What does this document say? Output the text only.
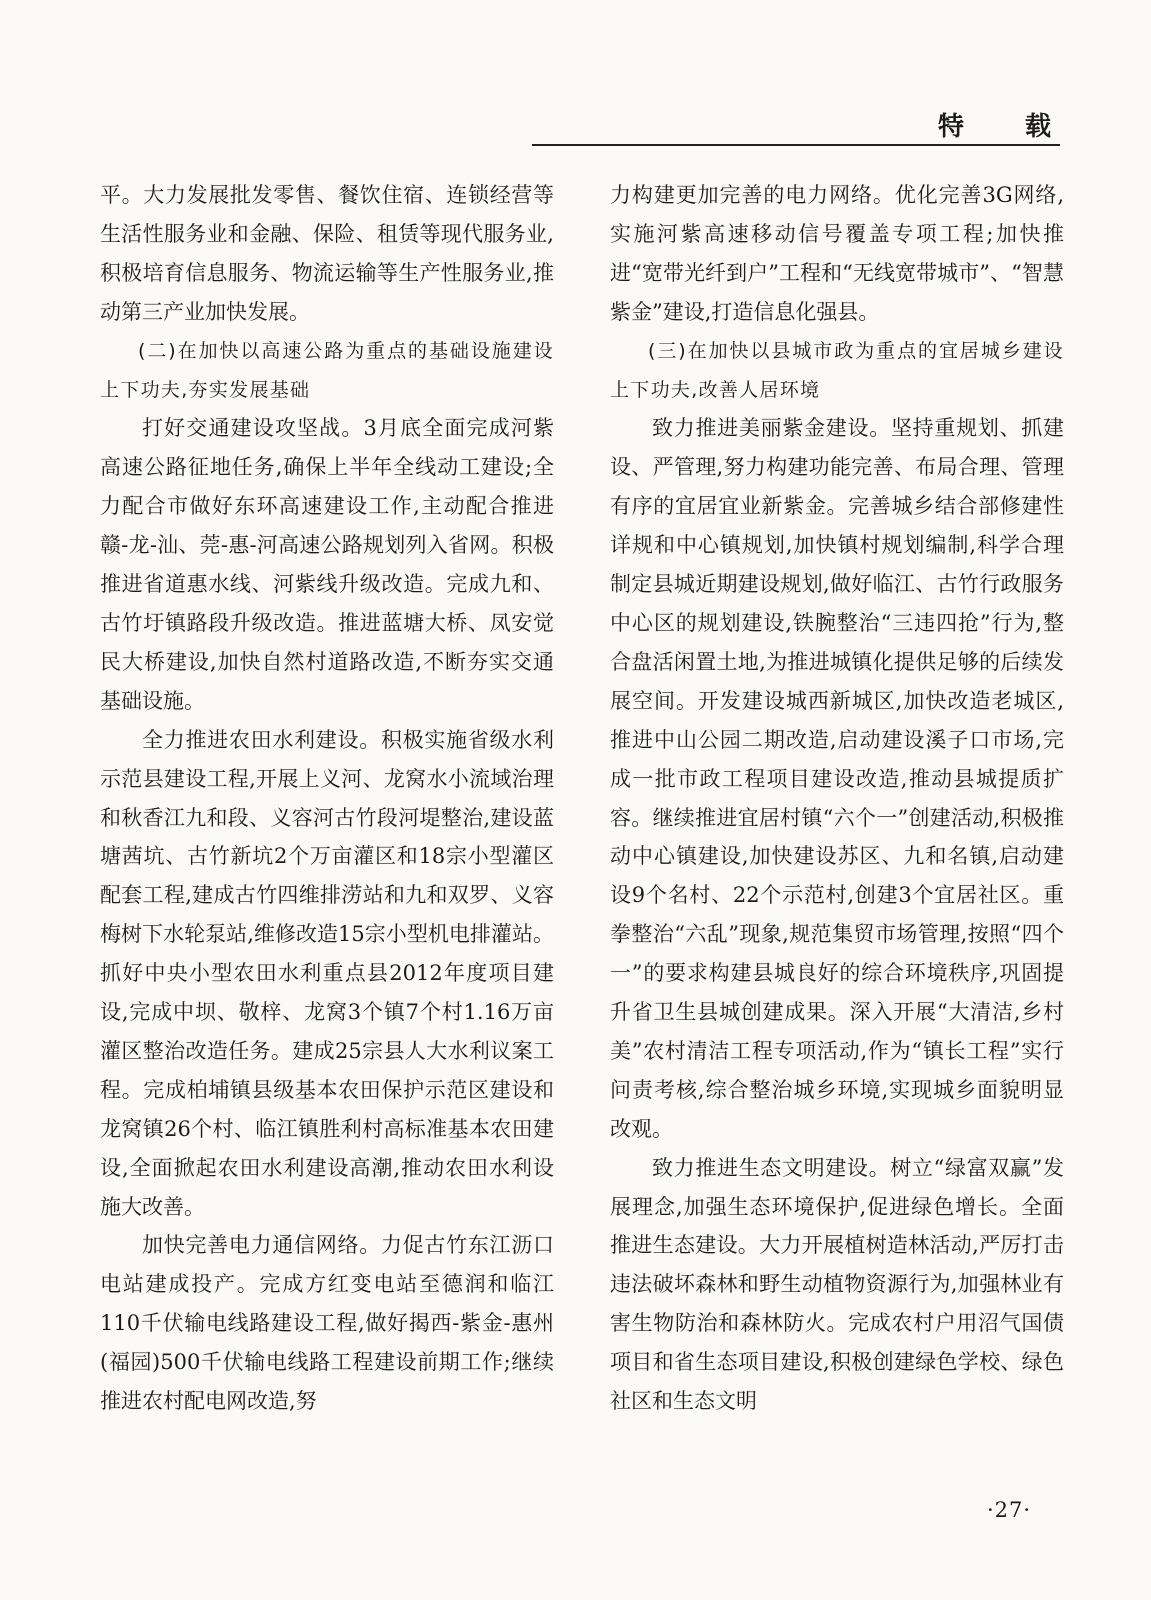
特 载

平。大力发展批发零售、餐饮住宿、连锁经营等生活性服务业和金融、保险、租赁等现代服务业,积极培育信息服务、物流运输等生产性服务业,推动第三产业加快发展。

(二)在加快以高速公路为重点的基础设施建设上下功夫,夯实发展基础

打好交通建设攻坚战。3月底全面完成河紫高速公路征地任务,确保上半年全线动工建设;全力配合市做好东环高速建设工作,主动配合推进赣-龙-汕、莞-惠-河高速公路规划列入省网。积极推进省道惠水线、河紫线升级改造。完成九和、古竹圩镇路段升级改造。推进蓝塘大桥、凤安觉民大桥建设,加快自然村道路改造,不断夯实交通基础设施。

全力推进农田水利建设。积极实施省级水利示范县建设工程,开展上义河、龙窝水小流域治理和秋香江九和段、义容河古竹段河堤整治,建设蓝塘茜坑、古竹新坑2个万亩灌区和18宗小型灌区配套工程,建成古竹四维排涝站和九和双罗、义容梅树下水轮泵站,维修改造15宗小型机电排灌站。抓好中央小型农田水利重点县2012年度项目建设,完成中坝、敬梓、龙窝3个镇7个村1.16万亩灌区整治改造任务。建成25宗县人大水利议案工程。完成柏埔镇县级基本农田保护示范区建设和龙窝镇26个村、临江镇胜利村高标准基本农田建设,全面掀起农田水利建设高潮,推动农田水利设施大改善。

加快完善电力通信网络。力促古竹东江沥口电站建成投产。完成方红变电站至德润和临江110千伏输电线路建设工程,做好揭西-紫金-惠州(福园)500千伏输电线路工程建设前期工作;继续推进农村配电网改造,努

力构建更加完善的电力网络。优化完善3G网络,实施河紫高速移动信号覆盖专项工程;加快推进“宽带光纤到户”工程和“无线宽带城市”、“智慧紫金”建设,打造信息化强县。

(三)在加快以县城市政为重点的宜居城乡建设上下功夫,改善人居环境

致力推进美丽紫金建设。坚持重规划、抓建设、严管理,努力构建功能完善、布局合理、管理有序的宜居宜业新紫金。完善城乡结合部修建性详规和中心镇规划,加快镇村规划编制,科学合理制定县城近期建设规划,做好临江、古竹行政服务中心区的规划建设,铁腕整治“三违四抢”行为,整合盘活闲置土地,为推进城镇化提供足够的后续发展空间。开发建设城西新城区,加快改造老城区,推进中山公园二期改造,启动建设溪子口市场,完成一批市政工程项目建设改造,推动县城提质扩容。继续推进宜居村镇“六个一”创建活动,积极推动中心镇建设,加快建设苏区、九和名镇,启动建设9个名村、22个示范村,创建3个宜居社区。重拳整治“六乱”现象,规范集贸市场管理,按照“四个一”的要求构建县城良好的综合环境秩序,巩固提升省卫生县城创建成果。深入开展“大清洁,乡村美”农村清洁工程专项活动,作为“镇长工程”实行问责考核,综合整治城乡环境,实现城乡面貌明显改观。

致力推进生态文明建设。树立“绿富双赢”发展理念,加强生态环境保护,促进绿色增长。全面推进生态建设。大力开展植树造林活动,严厉打击违法破坏森林和野生动植物资源行为,加强林业有害生物防治和森林防火。完成农村户用沼气国债项目和省生态项目建设,积极创建绿色学校、绿色社区和生态文明

·27·
